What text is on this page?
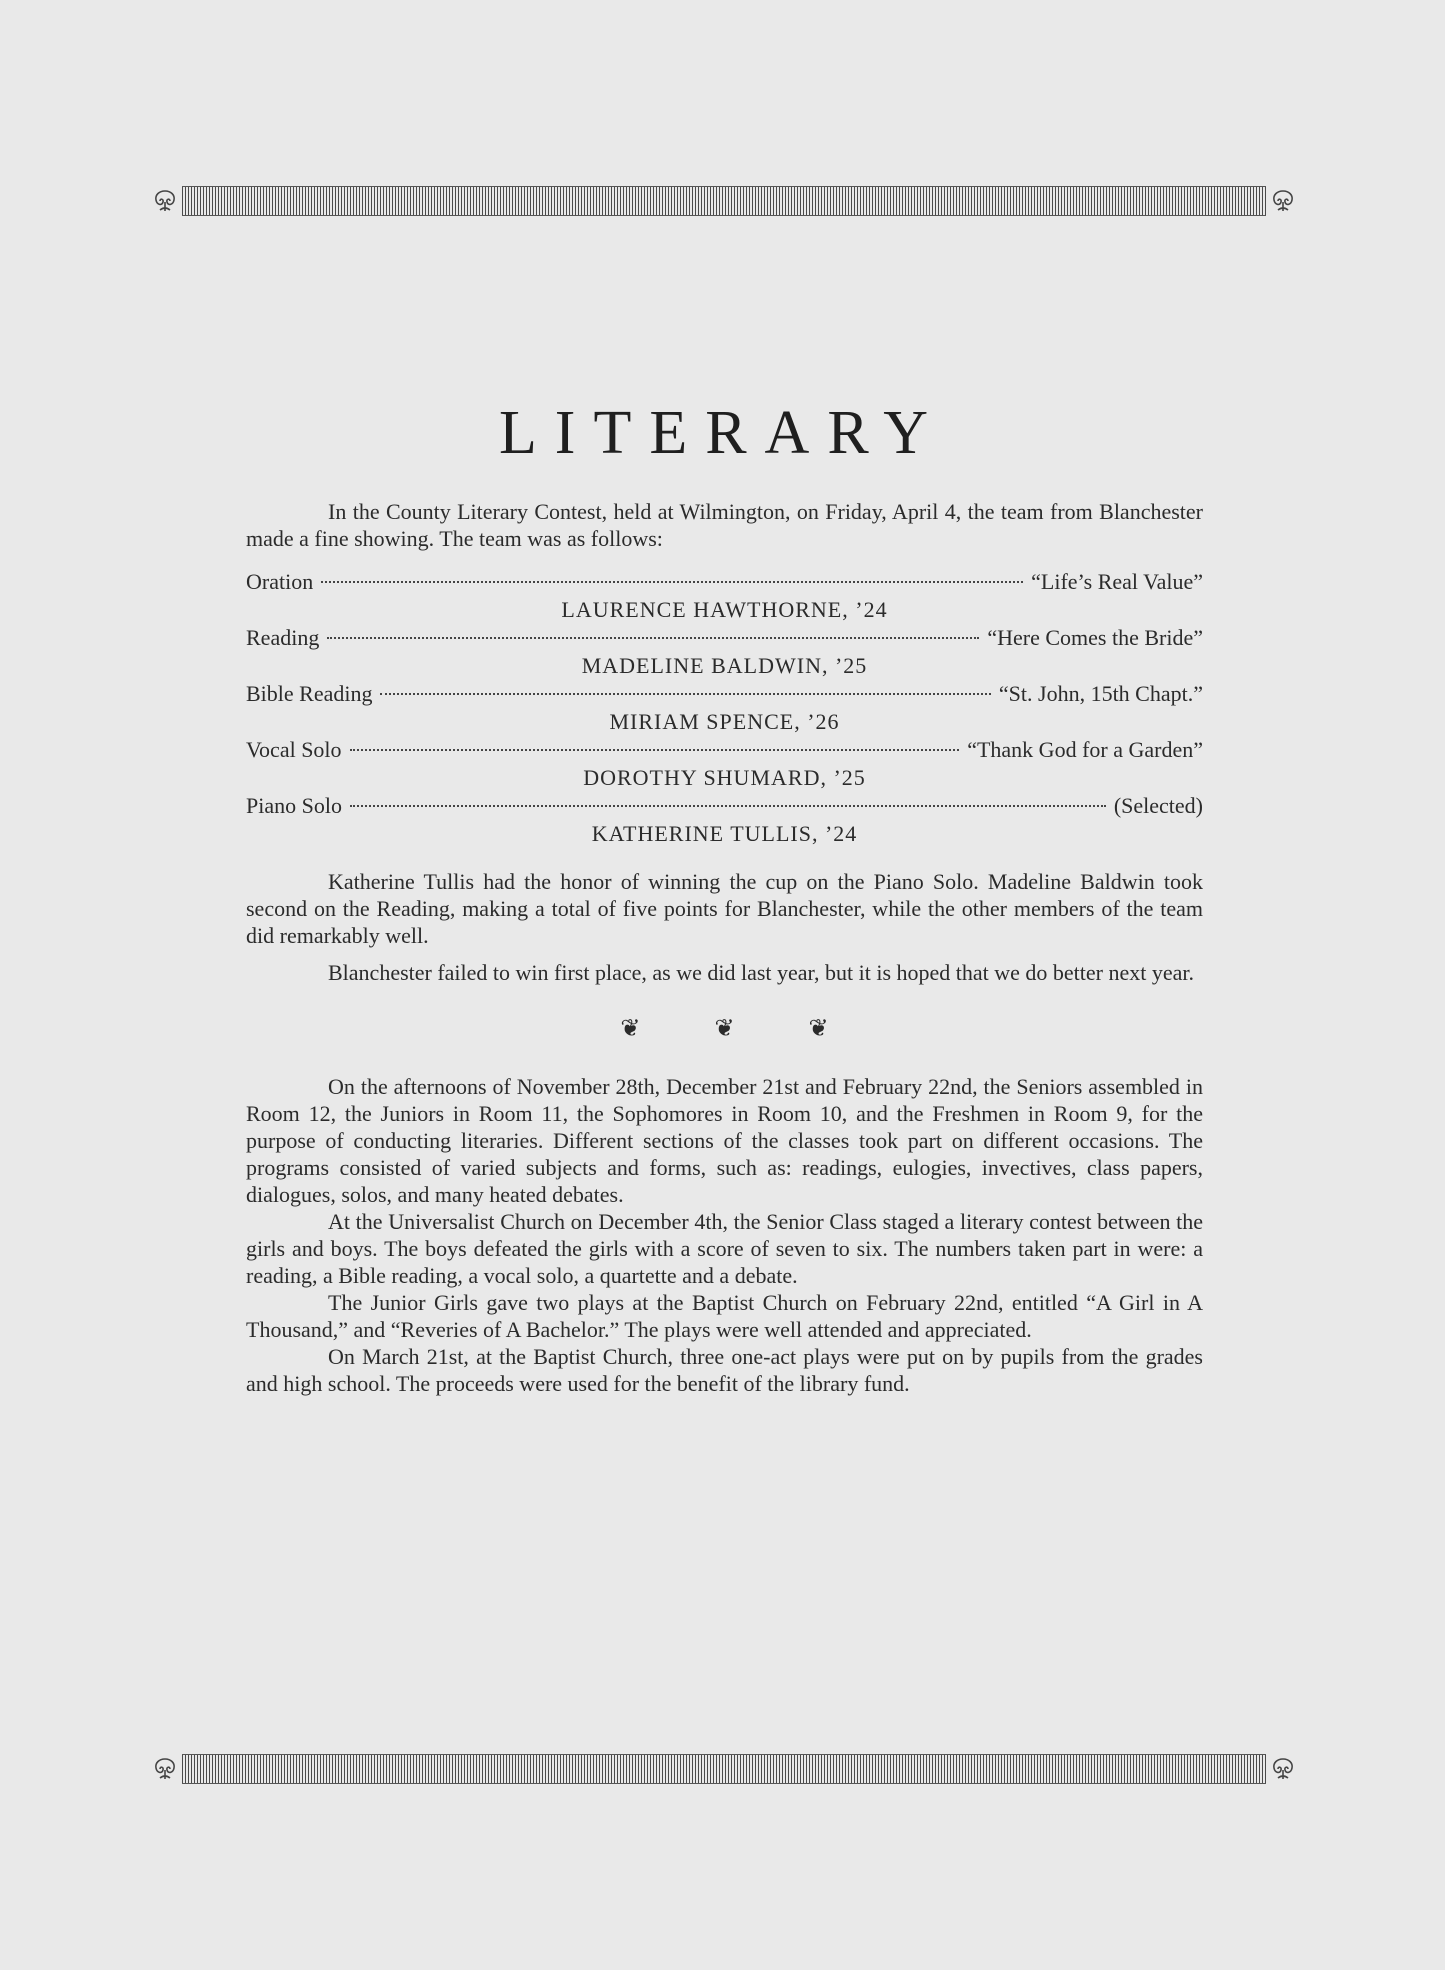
LITERARY

In the County Literary Contest, held at Wilmington, on Friday, April 4, the team from Blanchester made a fine showing. The team was as follows:

Oration	“Life’s Real Value”
LAURENCE HAWTHORNE, ’24
Reading	“Here Comes the Bride”
MADELINE BALDWIN, ’25
Bible Reading	“St. John, 15th Chapt.”
MIRIAM SPENCE, ’26
Vocal Solo	“Thank God for a Garden”
DOROTHY SHUMARD, ’25
Piano Solo	(Selected)
KATHERINE TULLIS, ’24

Katherine Tullis had the honor of winning the cup on the Piano Solo. Madeline Baldwin took second on the Reading, making a total of five points for Blanchester, while the other members of the team did remarkably well.

Blanchester failed to win first place, as we did last year, but it is hoped that we do better next year.

❦ ❦ ❦

On the afternoons of November 28th, December 21st and February 22nd, the Seniors assembled in Room 12, the Juniors in Room 11, the Sophomores in Room 10, and the Freshmen in Room 9, for the purpose of conducting literaries. Different sections of the classes took part on different occasions. The programs consisted of varied subjects and forms, such as: readings, eulogies, invectives, class papers, dialogues, solos, and many heated debates.

At the Universalist Church on December 4th, the Senior Class staged a literary contest between the girls and boys. The boys defeated the girls with a score of seven to six. The numbers taken part in were: a reading, a Bible reading, a vocal solo, a quartette and a debate.

The Junior Girls gave two plays at the Baptist Church on February 22nd, entitled “A Girl in A Thousand,” and “Reveries of A Bachelor.” The plays were well attended and appreciated.

On March 21st, at the Baptist Church, three one-act plays were put on by pupils from the grades and high school. The proceeds were used for the benefit of the library fund.
